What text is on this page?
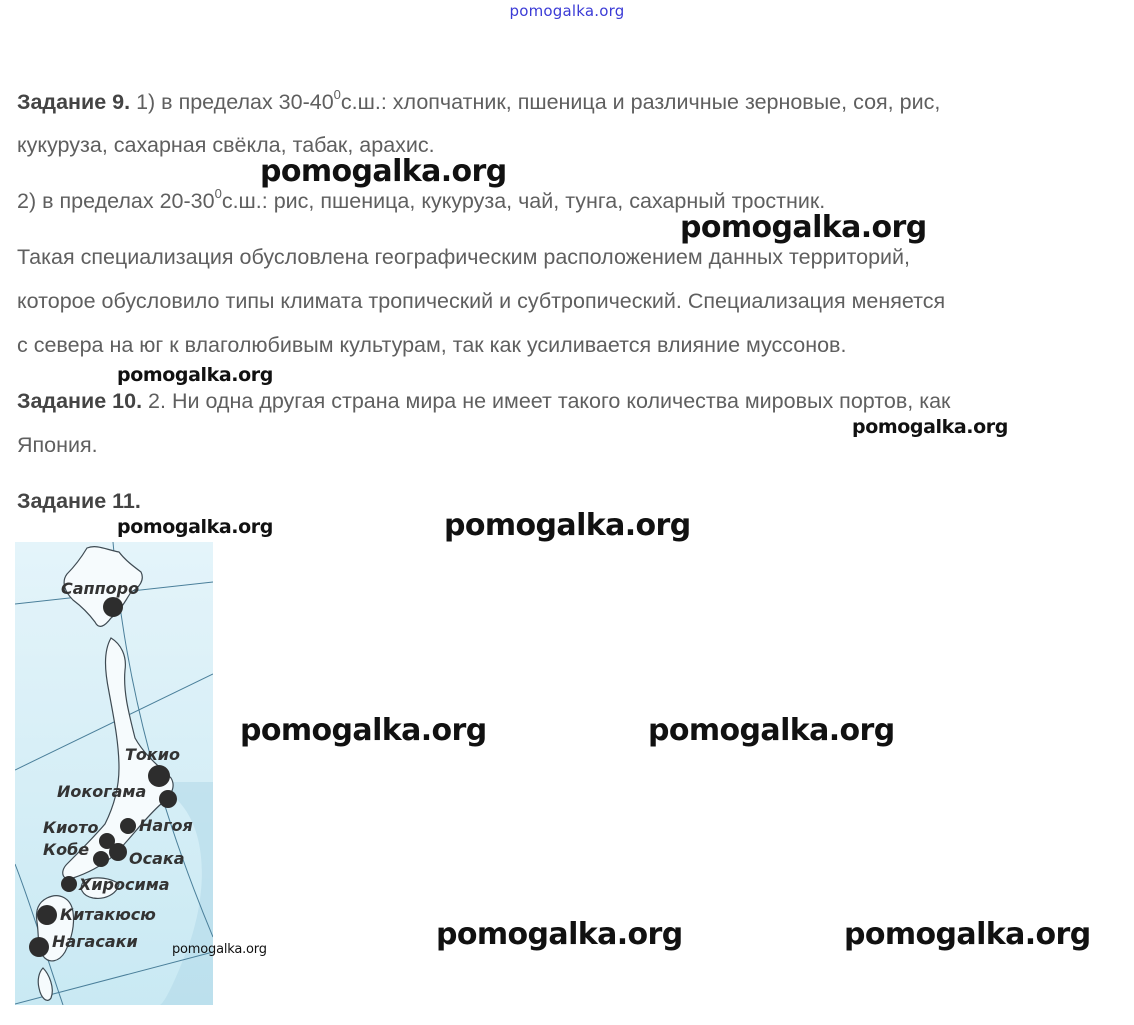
pomogalka.org
Задание 9. 1) в пределах $30-40^0с.ш$.: хлопчатник, пшеница и различные зерновые, соя, рис,
кукуруза, сахарная свёкла, табак, арахис.
2) в пределах $20-30^0с.ш$.: рис, пшеница, кукуруза, чай, тунга, сахарный тростник.
Такая специализация обусловлена географическим расположением данных территорий,
которое обусловило типы климата тропический и субтропический. Специализация меняется
с севера на юг к влаголюбивым культурам, так как усиливается влияние муссонов.
Задание 10. 2. Ни одна другая страна мира не имеет такого количества мировых портов, как
Япония.
Задание 11.
Саппоро
Токио
Иокогама
Нагоя
Киото
Осака
Кобе
Хиросима
Китакюсю
Нагасаки
pomogalka.org
pomogalka.org
pomogalka.org
pomogalka.org
pomogalka.org	pomogalka.org
pomogalka.org	pomogalka.org
pomogalka.org	pomogalka.org
pomogalka.org
